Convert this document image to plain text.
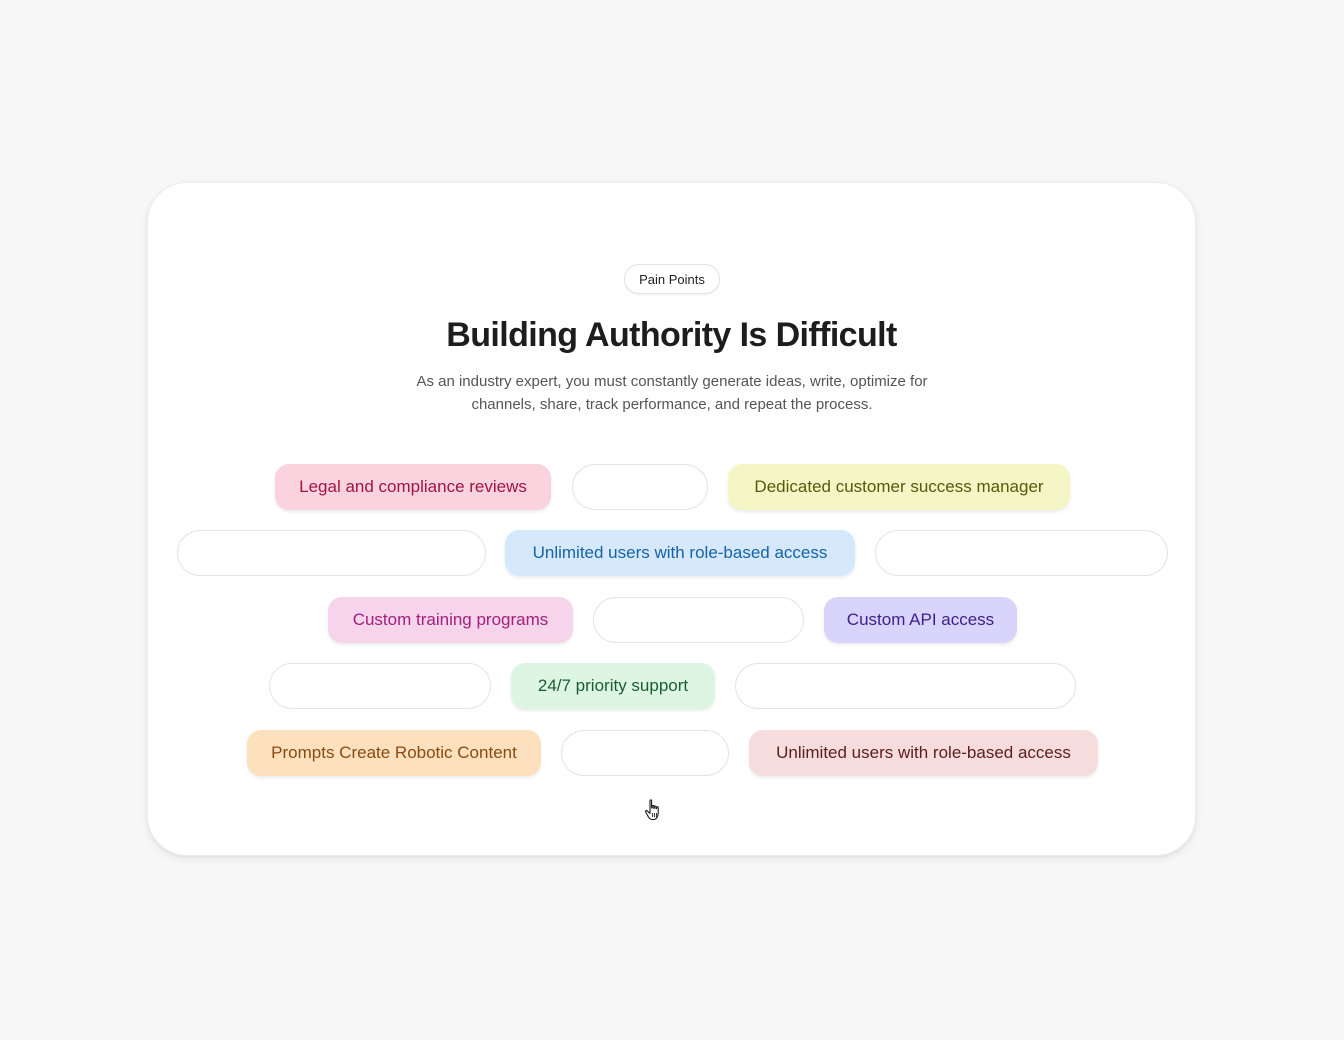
Pain Points
Building Authority Is Difficult

As an industry expert, you must constantly generate ideas, write, optimize for
channels, share, track performance, and repeat the process.

Legal and compliance reviews	Dedicated customer success manager
Unlimited users with role-based access
Custom training programs	Custom API access
24/7 priority support
Prompts Create Robotic Content	Unlimited users with role-based access
